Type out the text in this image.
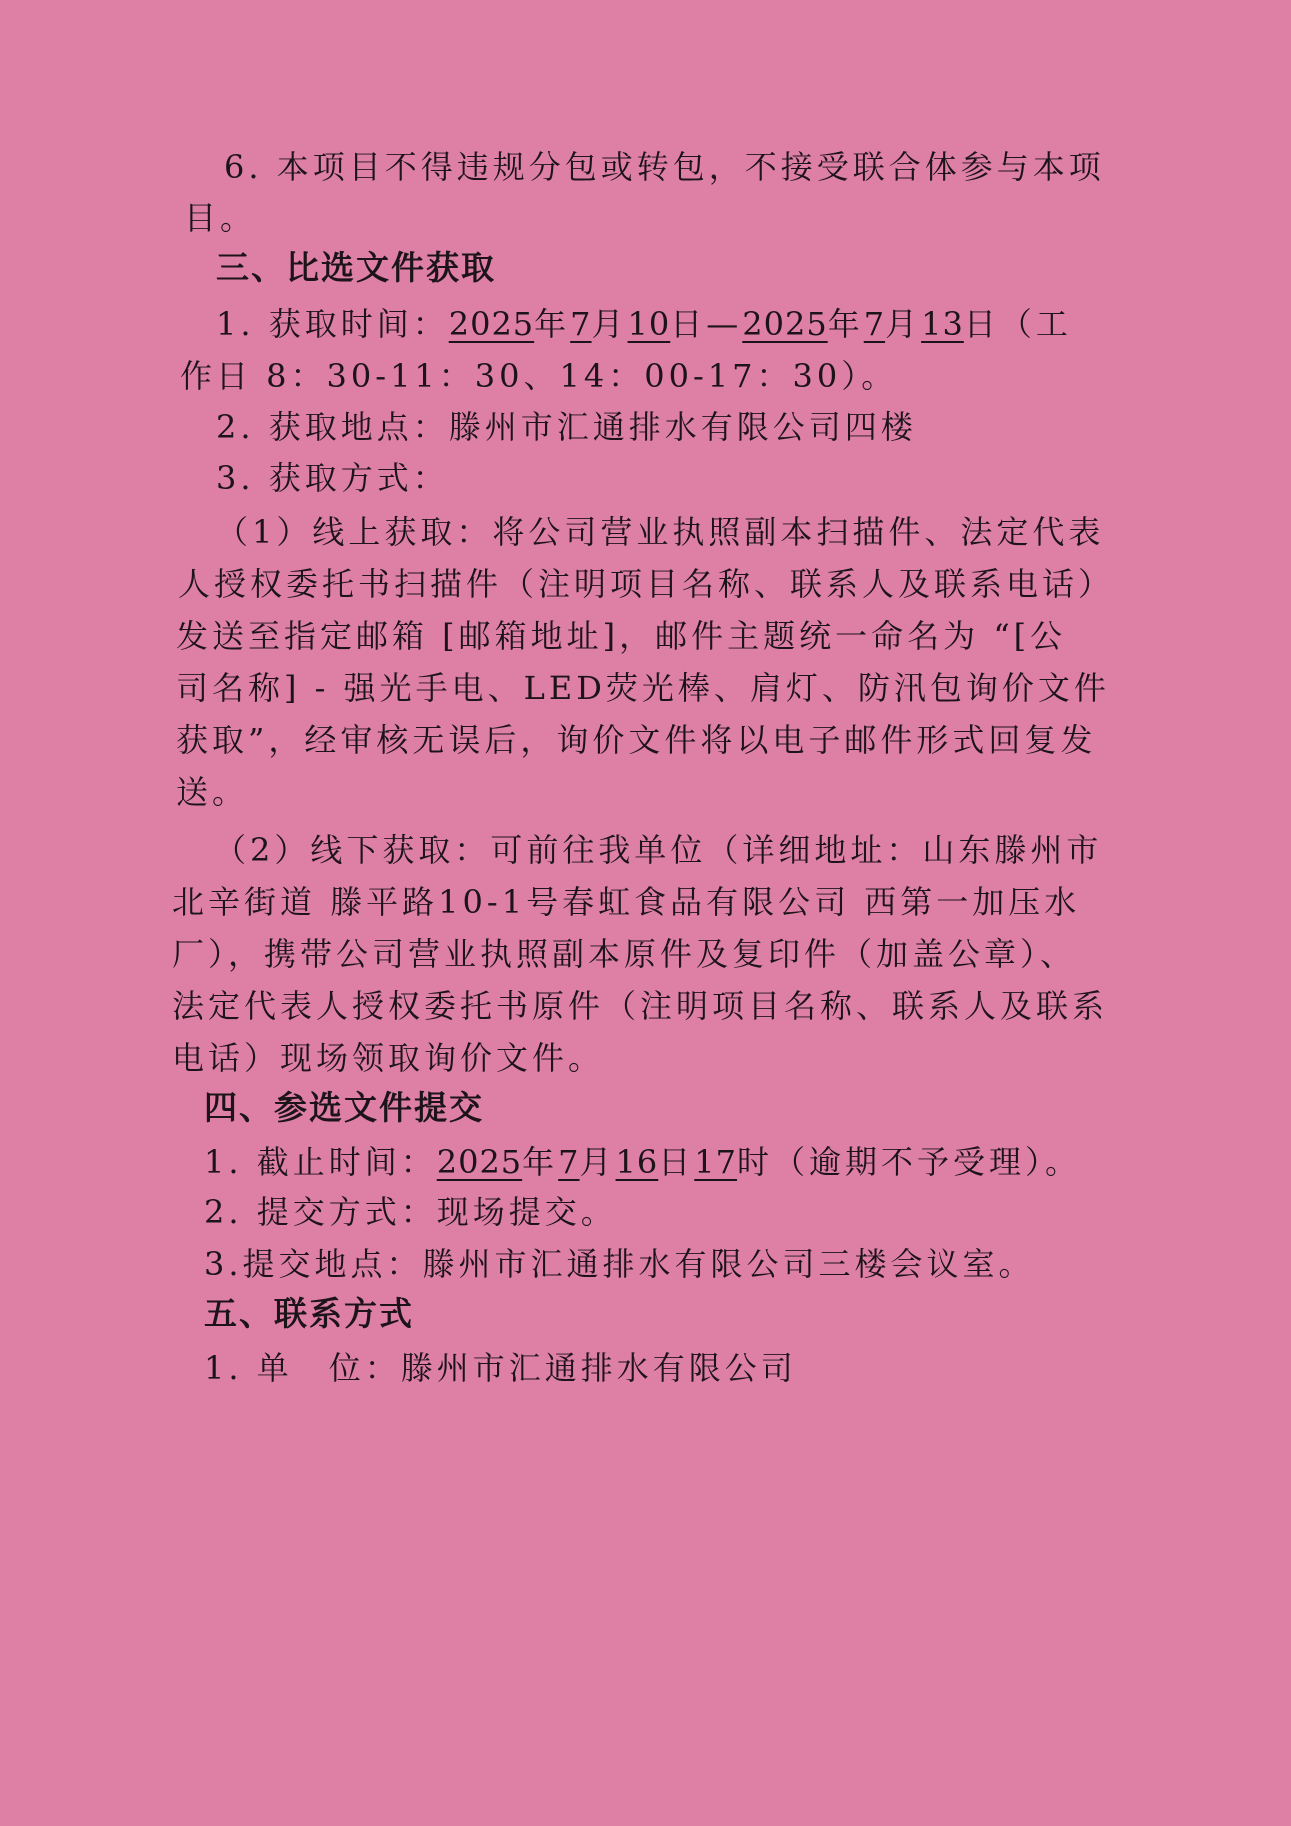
6. 本项目不得违规分包或转包，不接受联合体参与本项
目。
三、比选文件获取
1. 获取时间：2025年7月10日—2025年7月13日（工
作日 8：30-11：30、14：00-17：30）。
2. 获取地点：滕州市汇通排水有限公司四楼
3. 获取方式：
（1）线上获取：将公司营业执照副本扫描件、法定代表
人授权委托书扫描件（注明项目名称、联系人及联系电话）
发送至指定邮箱 [邮箱地址]，邮件主题统一命名为 “[公
司名称] - 强光手电、LED荧光棒、肩灯、防汛包询价文件
获取”，经审核无误后，询价文件将以电子邮件形式回复发
送。
（2）线下获取：可前往我单位（详细地址：山东滕州市
北辛街道 滕平路10-1号春虹食品有限公司 西第一加压水
厂），携带公司营业执照副本原件及复印件（加盖公章）、
法定代表人授权委托书原件（注明项目名称、联系人及联系
电话）现场领取询价文件。
四、参选文件提交
1. 截止时间：2025年7月16日17时（逾期不予受理）。
2. 提交方式：现场提交。
3.提交地点：滕州市汇通排水有限公司三楼会议室。
五、联系方式
1. 单　位：滕州市汇通排水有限公司
